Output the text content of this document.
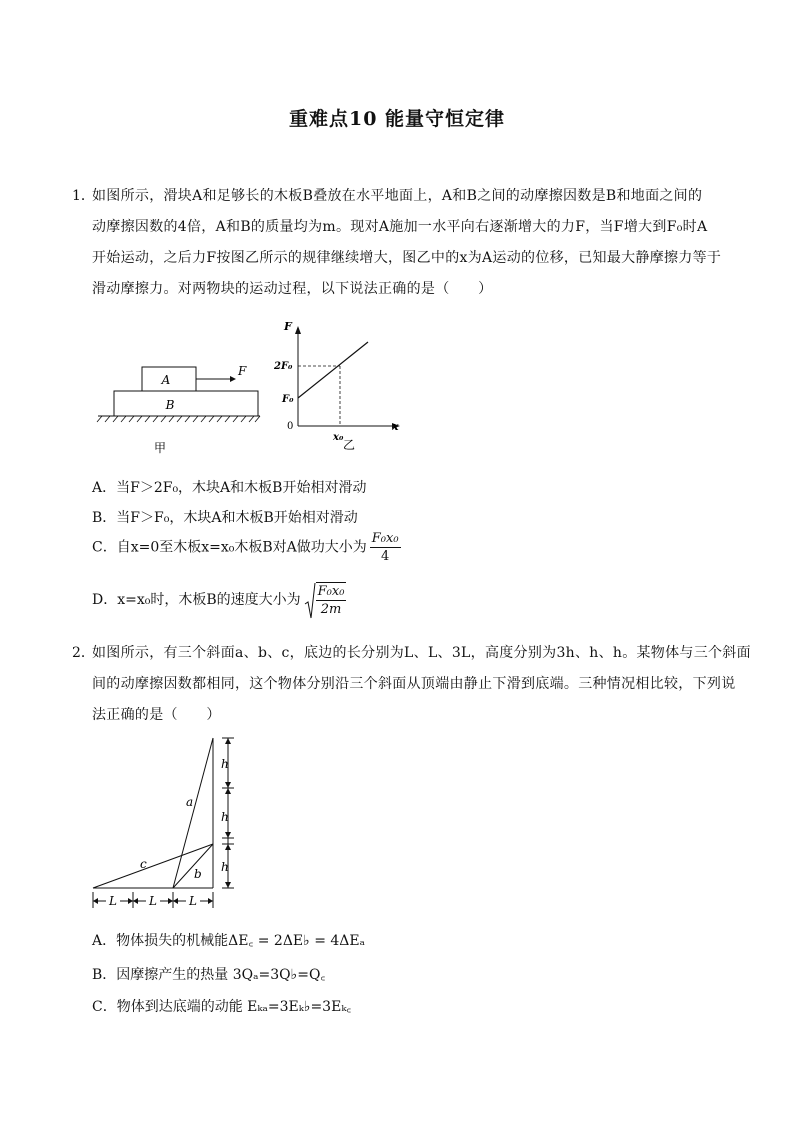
重难点10 能量守恒定律
1．
如图所示，滑块A和足够长的木板B叠放在水平地面上，A和B之间的动摩擦因数是B和地面之间的
动摩擦因数的4倍，A和B的质量均为m。现对A施加一水平向右逐渐增大的力F，当F增大到F₀时A
开始运动，之后力F按图乙所示的规律继续增大，图乙中的x为A运动的位移，已知最大静摩擦力等于
滑动摩擦力。对两物块的运动过程，以下说法正确的是（　　）
A
B
F
甲
F
x
0
2F₀
F₀
x₀
乙
A．当F＞2F₀，木块A和木板B开始相对滑动
B．当F＞F₀，木块A和木板B开始相对滑动
C．自x=0至木板x=x₀木板B对A做功大小为 $\frac{\text{F₀x₀}}{4}$
D．x=x₀时，木板B的速度大小为 $\frac{\text{F₀x₀}}{2m}$
2．
如图所示，有三个斜面a、b、c，底边的长分别为L、L、3L，高度分别为3h、h、h。某物体与三个斜面
间的动摩擦因数都相同，这个物体分别沿三个斜面从顶端由静止下滑到底端。三种情况相比较，下列说
法正确的是（　　）
h
h
h
L	L	L
a
b
c
A．物体损失的机械能ΔE꜀ = 2ΔE♭ = 4ΔEₐ
B．因摩擦产生的热量 3Qₐ=3Q♭=Q꜀
C．物体到达底端的动能 Eₖₐ=3Eₖ♭=3Eₖ꜀
